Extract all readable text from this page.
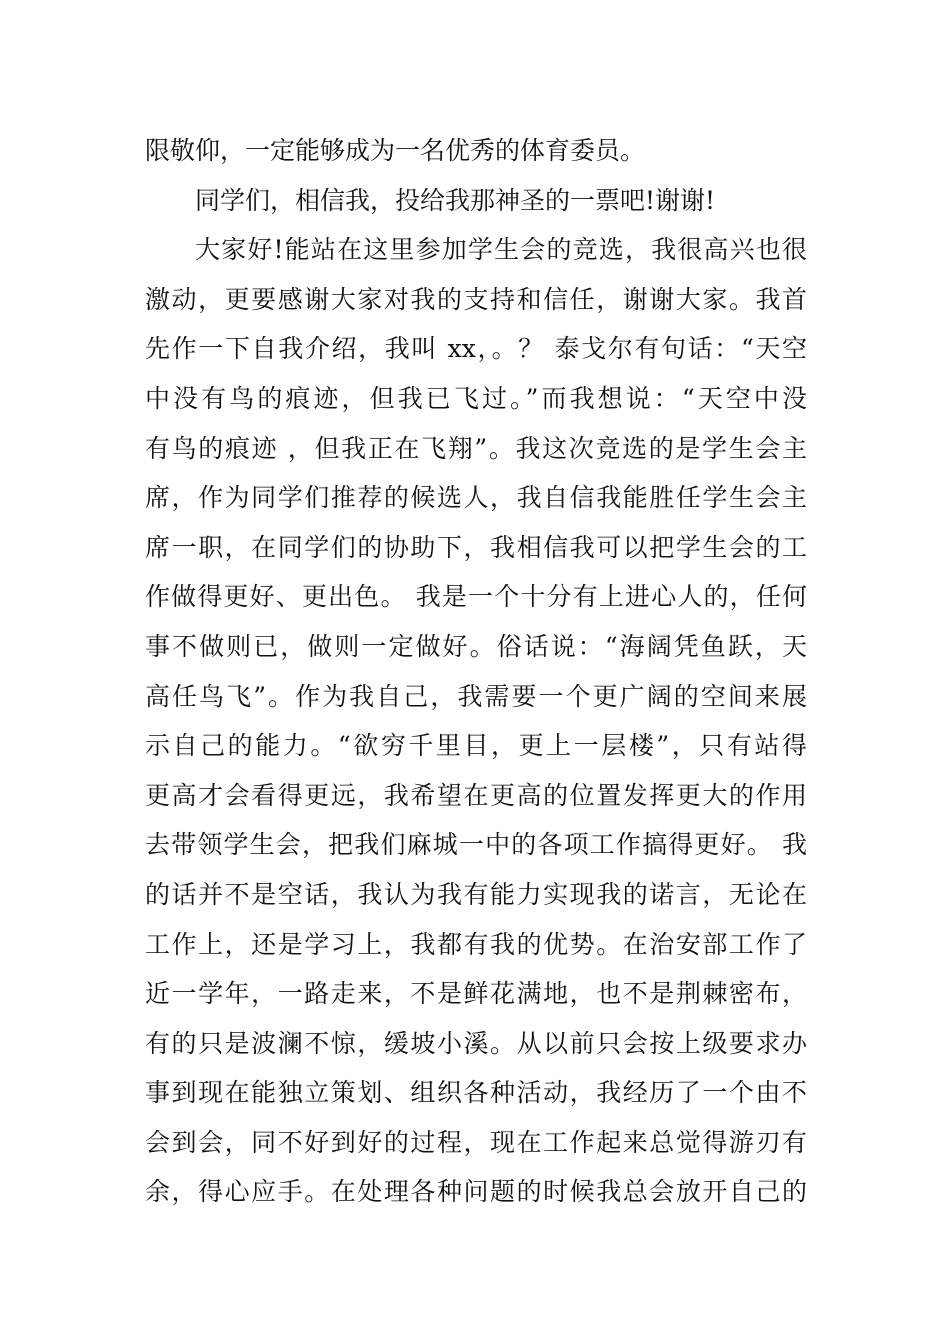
限敬仰，一定能够成为一名优秀的体育委员。
同学们，相信我，投给我那神圣的一票吧!谢谢!
大家好!能站在这里参加学生会的竞选，我很高兴也很
激动，更要感谢大家对我的支持和信任，谢谢大家。我首
先作一下自我介绍，我叫 xx，。？ 泰戈尔有句话：“天空
中没有鸟的痕迹，但我已飞过。”而我想说：“天空中没
有鸟的痕迹 ，但我正在飞翔”。我这次竞选的是学生会主
席，作为同学们推荐的候选人，我自信我能胜任学生会主
席一职，在同学们的协助下，我相信我可以把学生会的工
作做得更好、更出色。 我是一个十分有上进心人的，任何
事不做则已，做则一定做好。俗话说：“海阔凭鱼跃，天
高任鸟飞”。作为我自己，我需要一个更广阔的空间来展
示自己的能力。“欲穷千里目，更上一层楼”，只有站得
更高才会看得更远，我希望在更高的位置发挥更大的作用
去带领学生会，把我们麻城一中的各项工作搞得更好。 我
的话并不是空话，我认为我有能力实现我的诺言，无论在
工作上，还是学习上，我都有我的优势。在治安部工作了
近一学年，一路走来，不是鲜花满地，也不是荆棘密布，
有的只是波澜不惊，缓坡小溪。从以前只会按上级要求办
事到现在能独立策划、组织各种活动，我经历了一个由不
会到会，同不好到好的过程，现在工作起来总觉得游刃有
余，得心应手。在处理各种问题的时候我总会放开自己的
